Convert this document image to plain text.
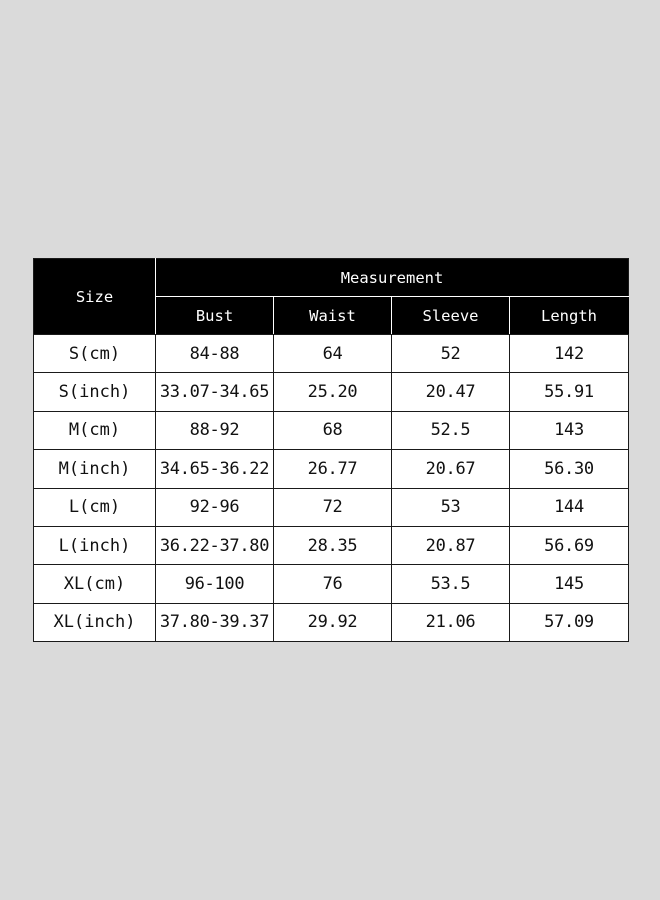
Size	Measurement			
	Bust	Waist	Sleeve	Length
S(cm)	84-88	64	52	142
S(inch)	33.07-34.65	25.20	20.47	55.91
M(cm)	88-92	68	52.5	143
M(inch)	34.65-36.22	26.77	20.67	56.30
L(cm)	92-96	72	53	144
L(inch)	36.22-37.80	28.35	20.87	56.69
XL(cm)	96-100	76	53.5	145
XL(inch)	37.80-39.37	29.92	21.06	57.09
